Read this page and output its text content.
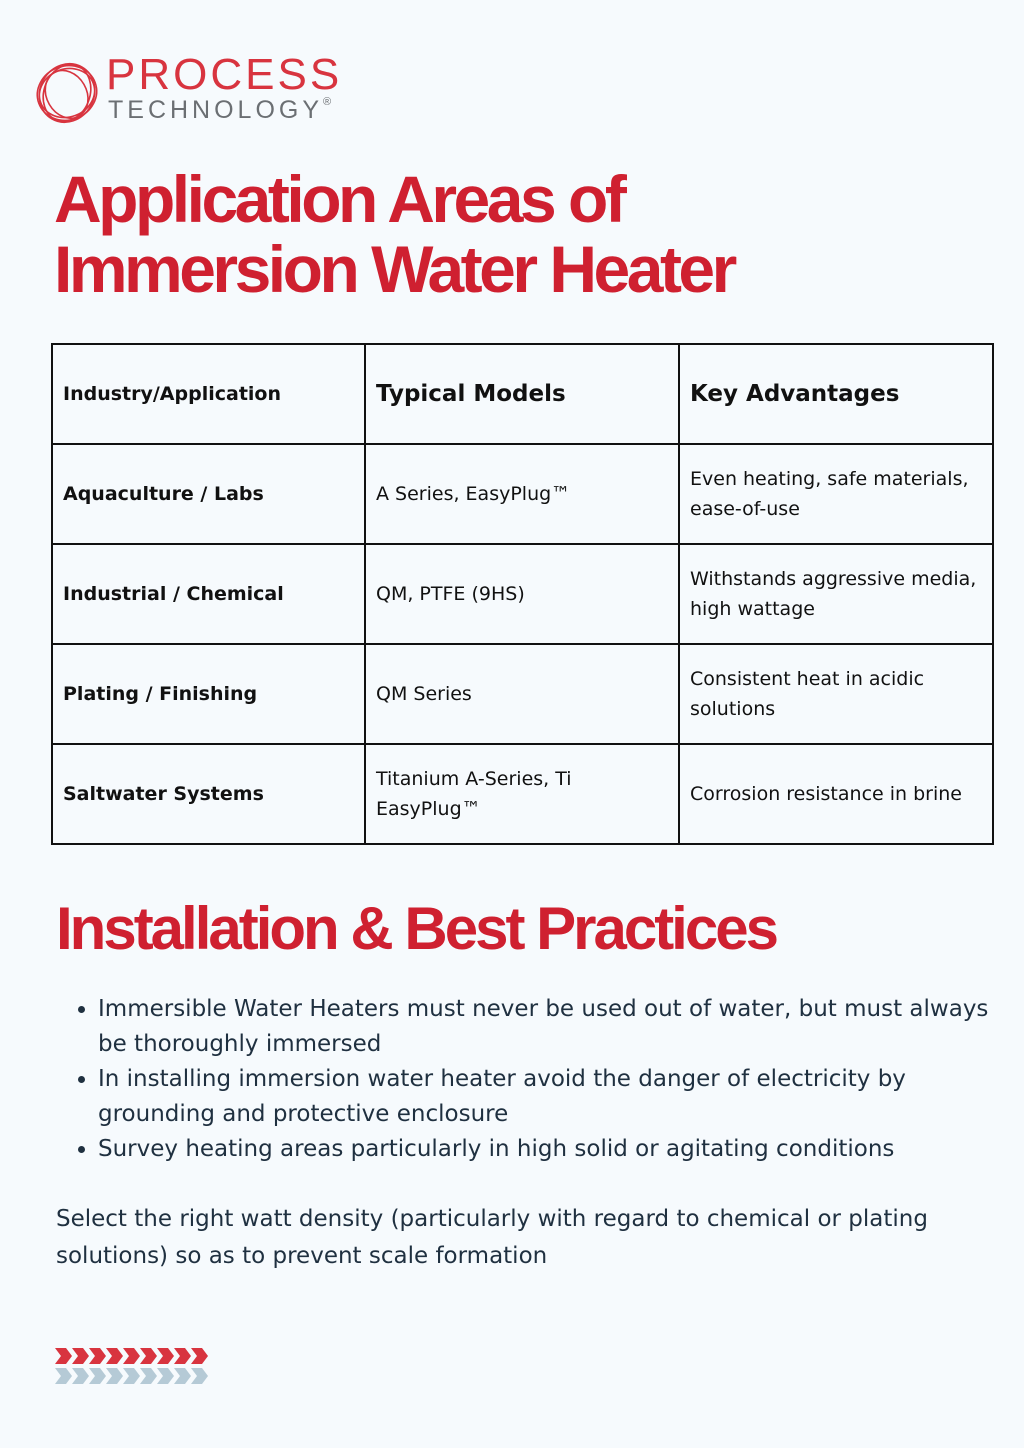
PROCESS
TECHNOLOGY®
Application Areas of
Immersion Water Heater
Industry/Application	Typical Models	Key Advantages
Aquaculture / Labs	A Series, EasyPlug™	Even heating, safe materials, ease-of-use
Industrial / Chemical	QM, PTFE (9HS)	Withstands aggressive media, high wattage
Plating / Finishing	QM Series	Consistent heat in acidic solutions
Saltwater Systems	Titanium A-Series, Ti EasyPlug™	Corrosion resistance in brine
Installation & Best Practices
• Immersible Water Heaters must never be used out of water, but must always be thoroughly immersed
• In installing immersion water heater avoid the danger of electricity by grounding and protective enclosure
• Survey heating areas particularly in high solid or agitating conditions

Select the right watt density (particularly with regard to chemical or plating solutions) so as to prevent scale formation
